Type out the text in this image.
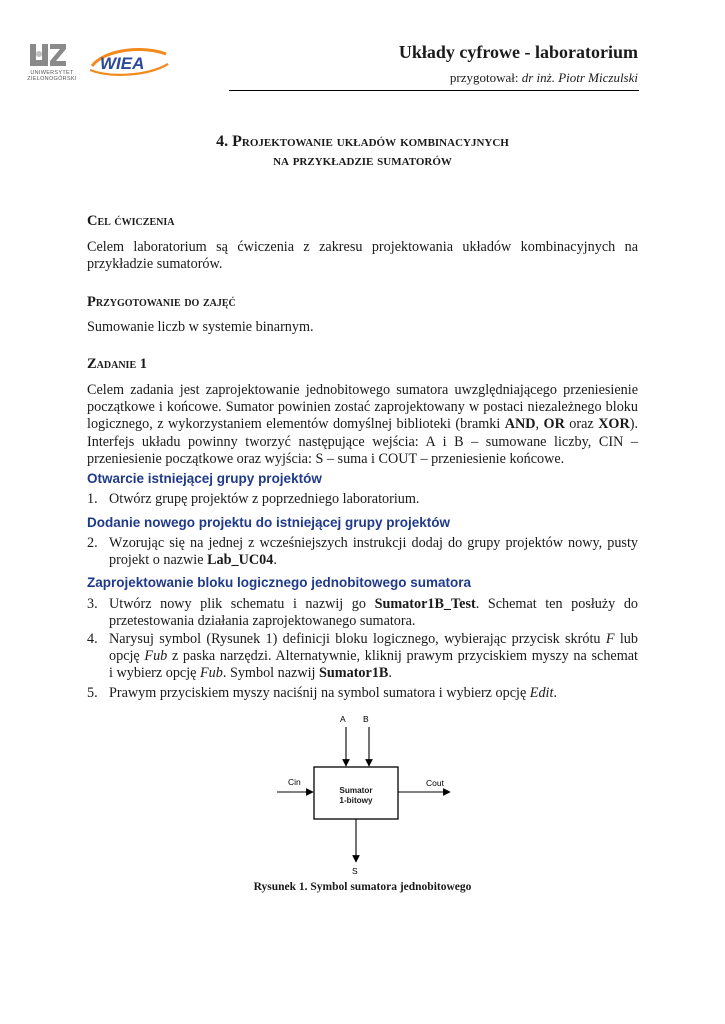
UNIWERSYTET ZIELONOGÓRSKI
WIEA
Układy cyfrowe - laboratorium
przygotował: dr inż. Piotr Miczulski
4. Projektowanie układów kombinacyjnych
na przykładzie sumatorów
Cel ćwiczenia
Celem laboratorium są ćwiczenia z zakresu projektowania układów kombinacyjnych na
przykładzie sumatorów.
Przygotowanie do zajęć
Sumowanie liczb w systemie binarnym.
Zadanie 1
Celem zadania jest zaprojektowanie jednobitowego sumatora uwzględniającego przeniesienie
początkowe i końcowe. Sumator powinien zostać zaprojektowany w postaci niezależnego bloku
logicznego, z wykorzystaniem elementów domyślnej biblioteki (bramki AND, OR oraz XOR).
Interfejs układu powinny tworzyć następujące wejścia: A i B – sumowane liczby, CIN –
przeniesienie początkowe oraz wyjścia: S – suma i COUT – przeniesienie końcowe.
Otwarcie istniejącej grupy projektów
1. Otwórz grupę projektów z poprzedniego laboratorium.
Dodanie nowego projektu do istniejącej grupy projektów
2. Wzorując się na jednej z wcześniejszych instrukcji dodaj do grupy projektów nowy, pusty
projekt o nazwie Lab_UC04.
Zaprojektowanie bloku logicznego jednobitowego sumatora
3. Utwórz nowy plik schematu i nazwij go Sumator1B_Test. Schemat ten posłuży do
przetestowania działania zaprojektowanego sumatora.
4. Narysuj symbol (Rysunek 1) definicji bloku logicznego, wybierając przycisk skrótu F lub
opcję Fub z paska narzędzi. Alternatywnie, kliknij prawym przyciskiem myszy na schemat
i wybierz opcję Fub. Symbol nazwij Sumator1B.
5. Prawym przyciskiem myszy naciśnij na symbol sumatora i wybierz opcję Edit.
A B
Cin	Cout
S
Sumator
1-bitowy
Rysunek 1. Symbol sumatora jednobitowego
